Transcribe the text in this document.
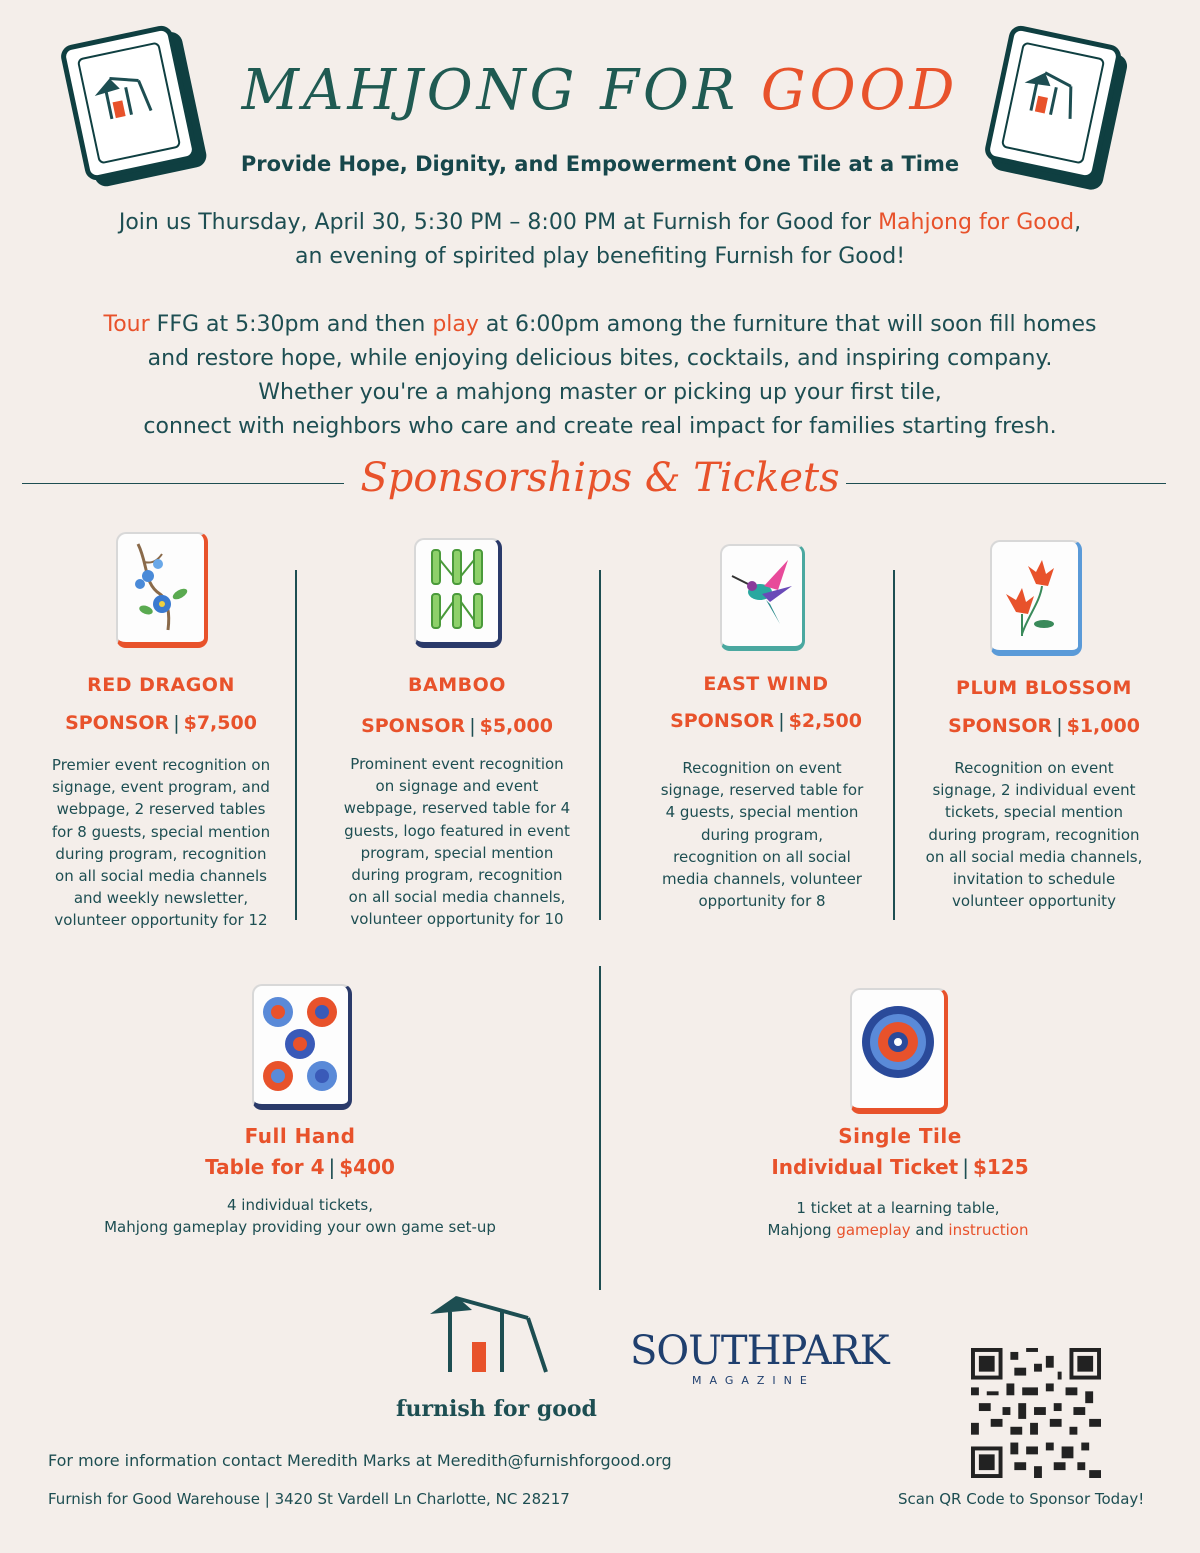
MAHJONG FOR GOOD
Provide Hope, Dignity, and Empowerment One Tile at a Time
Join us Thursday, April 30, 5:30 PM – 8:00 PM at Furnish for Good for Mahjong for Good,
an evening of spirited play benefiting Furnish for Good!
Tour FFG at 5:30pm and then play at 6:00pm among the furniture that will soon fill homes
and restore hope, while enjoying delicious bites, cocktails, and inspiring company.
Whether you're a mahjong master or picking up your first tile,
connect with neighbors who care and create real impact for families starting fresh.
Sponsorships & Tickets
RED DRAGON
SPONSOR | $7,500
Premier event recognition on
signage, event program, and
webpage, 2 reserved tables
for 8 guests, special mention
during program, recognition
on all social media channels
and weekly newsletter,
volunteer opportunity for 12
BAMBOO
SPONSOR | $5,000
Prominent event recognition
on signage and event
webpage, reserved table for 4
guests, logo featured in event
program, special mention
during program, recognition
on all social media channels,
volunteer opportunity for 10
EAST WIND
SPONSOR | $2,500
Recognition on event
signage, reserved table for
4 guests, special mention
during program,
recognition on all social
media channels, volunteer
opportunity for 8
PLUM BLOSSOM
SPONSOR | $1,000
Recognition on event
signage, 2 individual event
tickets, special mention
during program, recognition
on all social media channels,
invitation to schedule
volunteer opportunity
Full Hand
Table for 4 | $400
4 individual tickets,
Mahjong gameplay providing your own game set-up
Single Tile
Individual Ticket | $125
1 ticket at a learning table,
Mahjong gameplay and instruction
furnish for good
SOUTHPARK
MAGAZINE
For more information contact Meredith Marks at Meredith@furnishforgood.org
Furnish for Good Warehouse | 3420 St Vardell Ln Charlotte, NC 28217	Scan QR Code to Sponsor Today!
